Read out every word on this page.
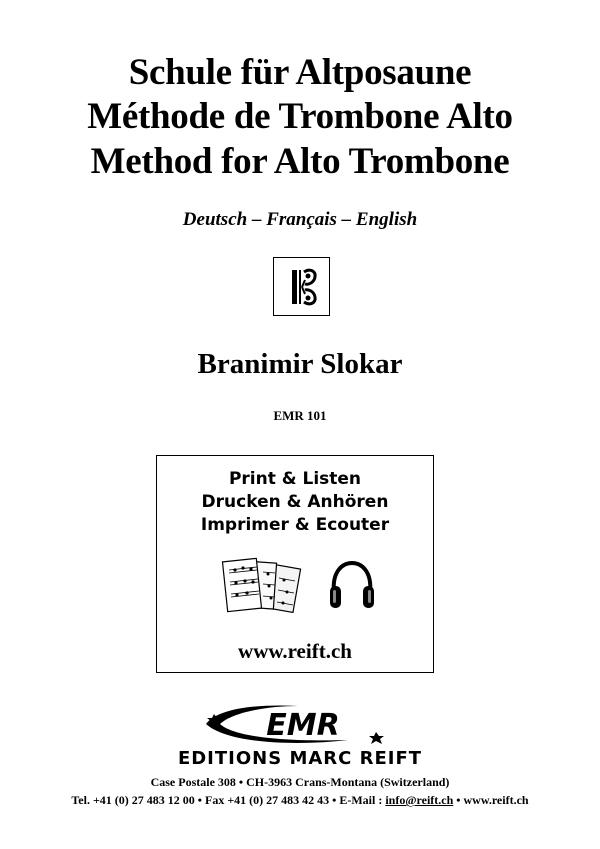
Schule für Altposaune
Méthode de Trombone Alto
Method for Alto Trombone
Deutsch – Français – English
Branimir Slokar
EMR 101
Print & Listen
Drucken & Anhören
Imprimer & Ecouter
www.reift.ch
EMR
EDITIONS MARC REIFT
Case Postale 308 • CH-3963 Crans-Montana (Switzerland)
Tel. +41 (0) 27 483 12 00 • Fax +41 (0) 27 483 42 43 • E-Mail : info@reift.ch • www.reift.ch
